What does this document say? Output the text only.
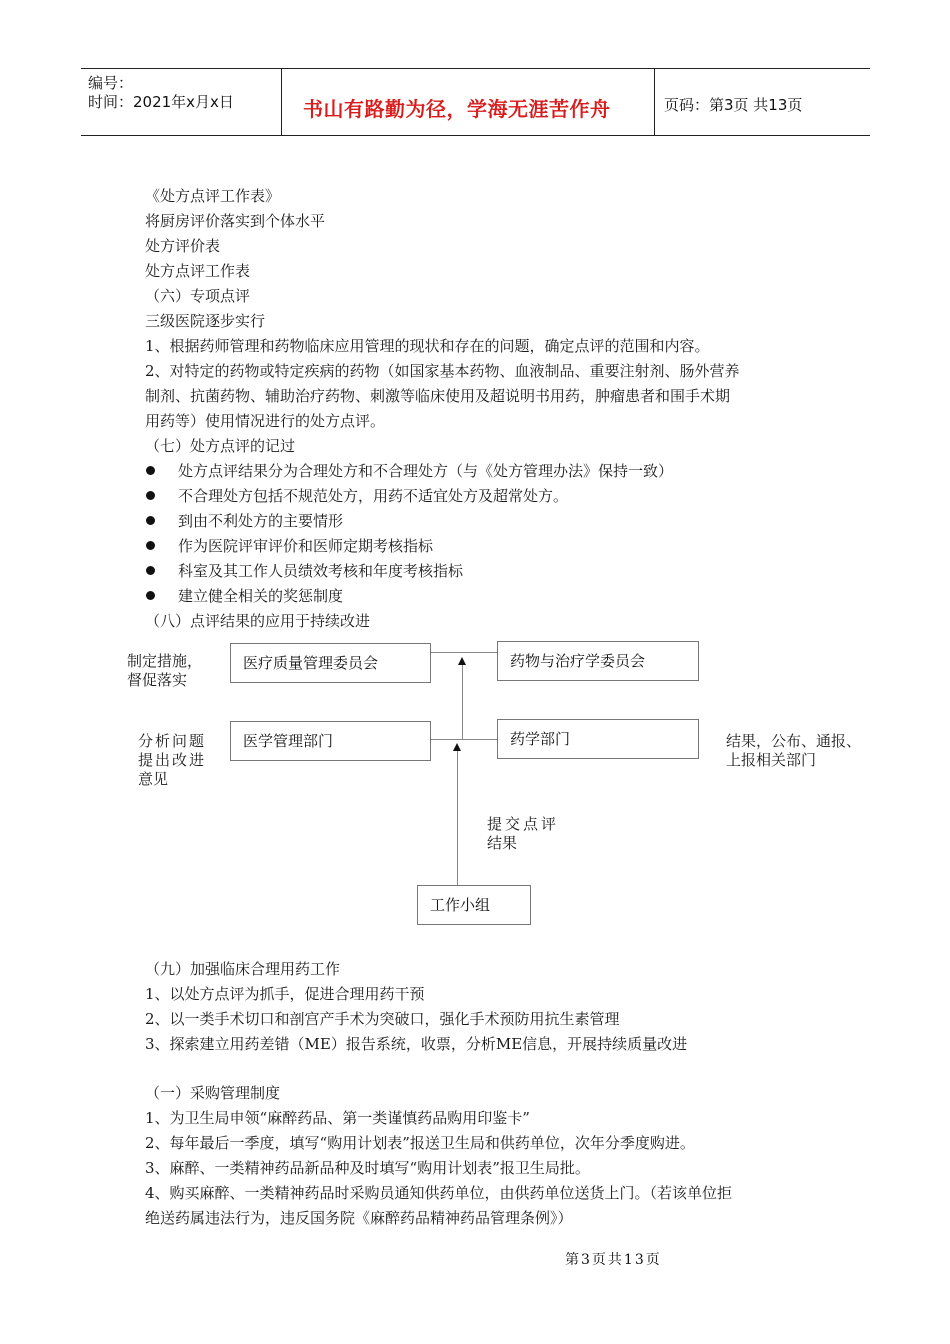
编号：
时间：2021年x月x日	书山有路勤为径，学海无涯苦作舟	页码：第3页 共13页
《处方点评工作表》
将厨房评价落实到个体水平
处方评价表
处方点评工作表
（六）专项点评
三级医院逐步实行
1、根据药师管理和药物临床应用管理的现状和存在的问题，确定点评的范围和内容。
2、对特定的药物或特定疾病的药物（如国家基本药物、血液制品、重要注射剂、肠外营养
制剂、抗菌药物、辅助治疗药物、刺激等临床使用及超说明书用药，肿瘤患者和围手术期
用药等）使用情况进行的处方点评。
（七）处方点评的记过
处方点评结果分为合理处方和不合理处方（与《处方管理办法》保持一致）
不合理处方包括不规范处方，用药不适宜处方及超常处方。
到由不利处方的主要情形
作为医院评审评价和医师定期考核指标
科室及其工作人员绩效考核和年度考核指标
建立健全相关的奖惩制度
（八）点评结果的应用于持续改进
医疗质量管理委员会	药物与治疗学委员会
医学管理部门	药学部门
工作小组
制定措施，
督促落实
分析问题
提出改进
意见
结果，公布、通报、
上报相关部门
提交点评
结果
（九）加强临床合理用药工作
1、以处方点评为抓手，促进合理用药干预
2、以一类手术切口和剖宫产手术为突破口，强化手术预防用抗生素管理
3、探索建立用药差错（ME）报告系统，收票，分析ME信息，开展持续质量改进
（一）采购管理制度
1、为卫生局申领“麻醉药品、第一类谨慎药品购用印鉴卡”
2、每年最后一季度，填写“购用计划表”报送卫生局和供药单位，次年分季度购进。
3、麻醉、一类精神药品新品种及时填写“购用计划表”报卫生局批。
4、购买麻醉、一类精神药品时采购员通知供药单位，由供药单位送货上门。（若该单位拒
绝送药属违法行为，违反国务院《麻醉药品精神药品管理条例》）
第3页共13页
